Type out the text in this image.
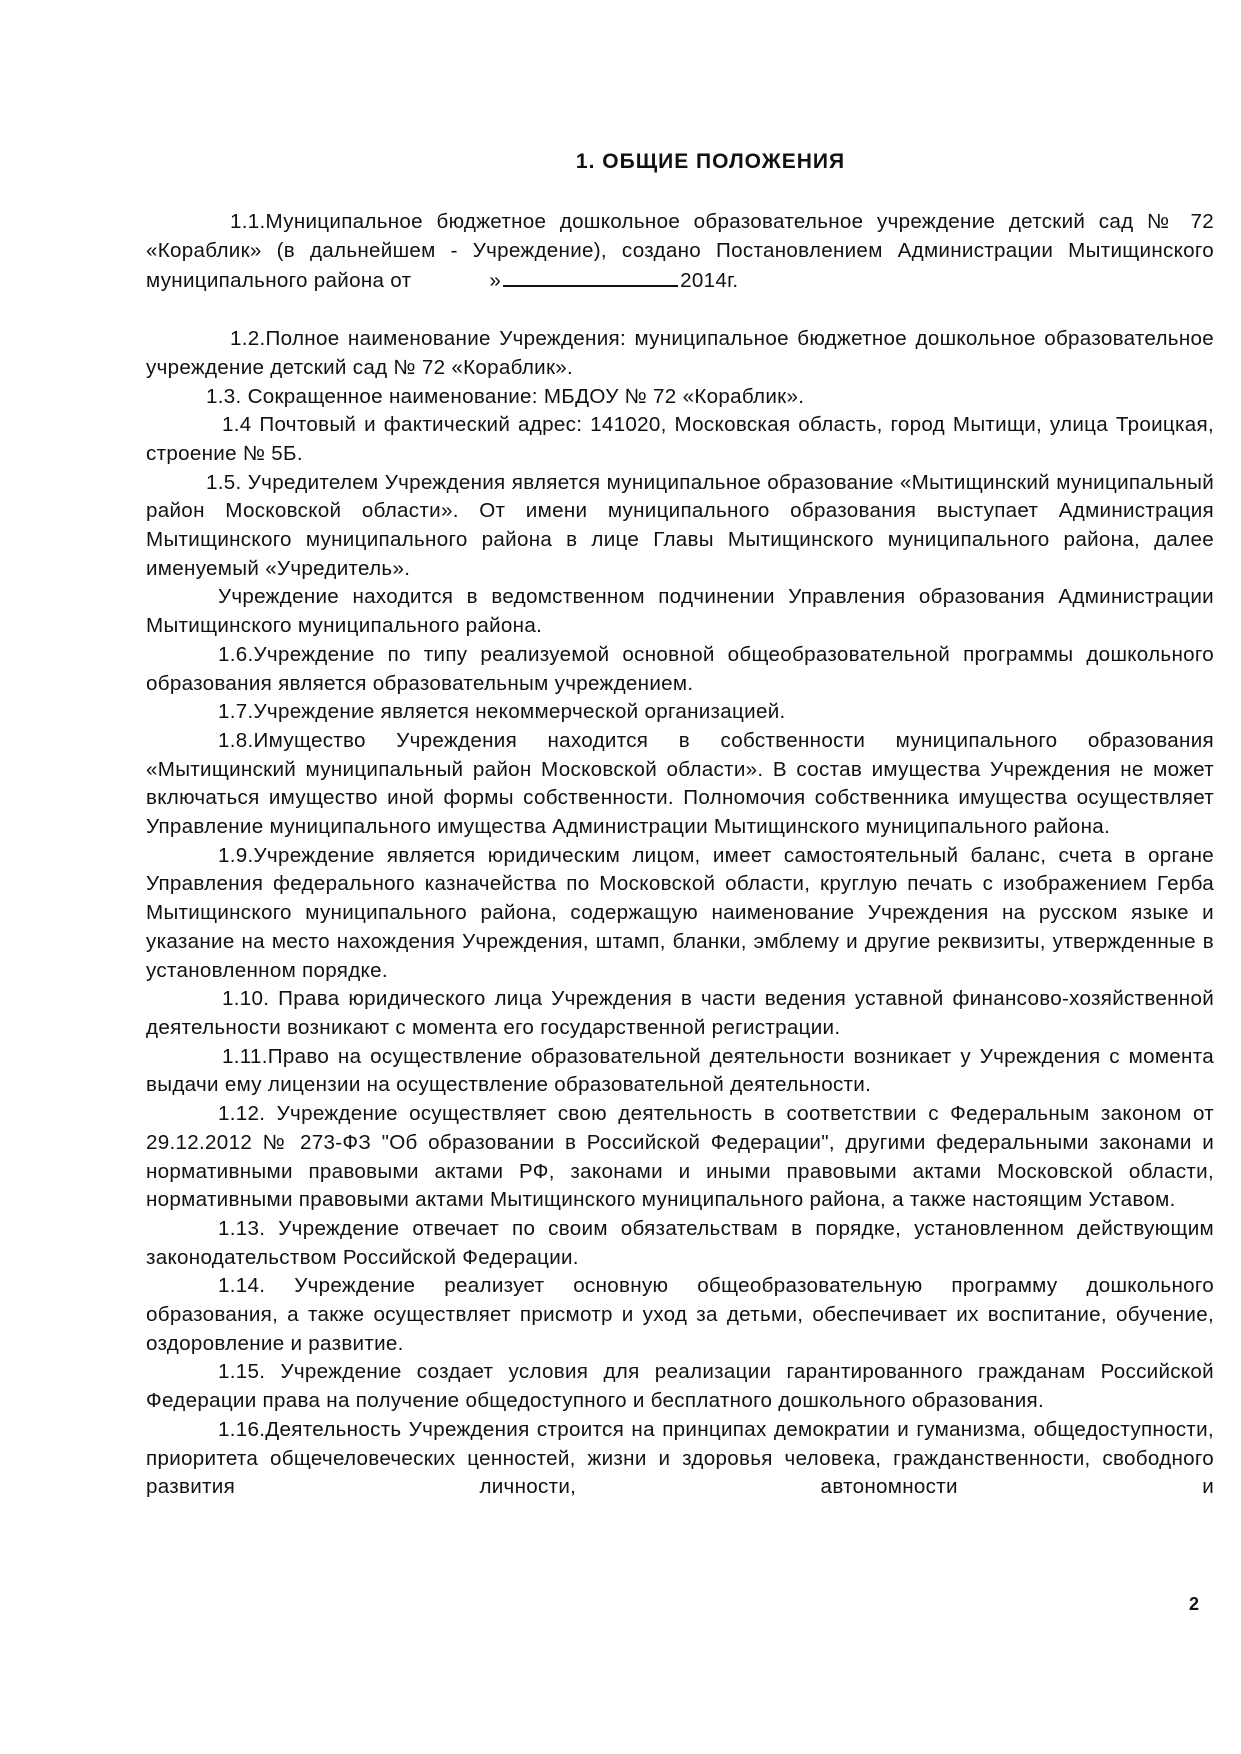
1. ОБЩИЕ ПОЛОЖЕНИЯ

1.1.Муниципальное бюджетное дошкольное образовательное учреждение детский сад № 72 «Кораблик» (в дальнейшем - Учреждение), создано Постановлением Администрации Мытищинского муниципального района от	»	2014г.

1.2.Полное наименование Учреждения: муниципальное бюджетное дошкольное образовательное учреждение детский сад № 72 «Кораблик».

1.3. Сокращенное наименование: МБДОУ № 72 «Кораблик».

1.4 Почтовый и фактический адрес: 141020, Московская область, город Мытищи, улица Троицкая, строение № 5Б.

1.5. Учредителем Учреждения является муниципальное образование «Мытищинский муниципальный район Московской области». От имени муниципального образования выступает Администрация Мытищинского муниципального района в лице Главы Мытищинского муниципального района, далее именуемый «Учредитель».

Учреждение находится в ведомственном подчинении Управления образования Администрации Мытищинского муниципального района.

1.6.Учреждение по типу реализуемой основной общеобразовательной программы дошкольного образования является образовательным учреждением.

1.7.Учреждение является некоммерческой организацией.

1.8.Имущество Учреждения находится в собственности муниципального образования «Мытищинский муниципальный район Московской области». В состав имущества Учреждения не может включаться имущество иной формы собственности. Полномочия собственника имущества осуществляет Управление муниципального имущества Администрации Мытищинского муниципального района.

1.9.Учреждение является юридическим лицом, имеет самостоятельный баланс, счета в органе Управления федерального казначейства по Московской области, круглую печать с изображением Герба Мытищинского муниципального района, содержащую наименование Учреждения на русском языке и указание на место нахождения Учреждения, штамп, бланки, эмблему и другие реквизиты, утвержденные в установленном порядке.

1.10. Права юридического лица Учреждения в части ведения уставной финансово-хозяйственной деятельности возникают с момента его государственной регистрации.

1.11.Право на осуществление образовательной деятельности возникает у Учреждения с момента выдачи ему лицензии на осуществление образовательной деятельности.

1.12. Учреждение осуществляет свою деятельность в соответствии с Федеральным законом от 29.12.2012 № 273-ФЗ "Об образовании в Российской Федерации", другими федеральными законами и нормативными правовыми актами РФ, законами и иными правовыми актами Московской области, нормативными правовыми актами Мытищинского муниципального района, а также настоящим Уставом.

1.13. Учреждение отвечает по своим обязательствам в порядке, установленном действующим законодательством Российской Федерации.

1.14. Учреждение реализует основную общеобразовательную программу дошкольного образования, а также осуществляет присмотр и уход за детьми, обеспечивает их воспитание, обучение, оздоровление и развитие.

1.15. Учреждение создает условия для реализации гарантированного гражданам Российской Федерации права на получение общедоступного и бесплатного дошкольного образования.

1.16.Деятельность Учреждения строится на принципах демократии и гуманизма, общедоступности, приоритета общечеловеческих ценностей, жизни и здоровья человека, гражданственности, свободного развития личности, автономности и

2
